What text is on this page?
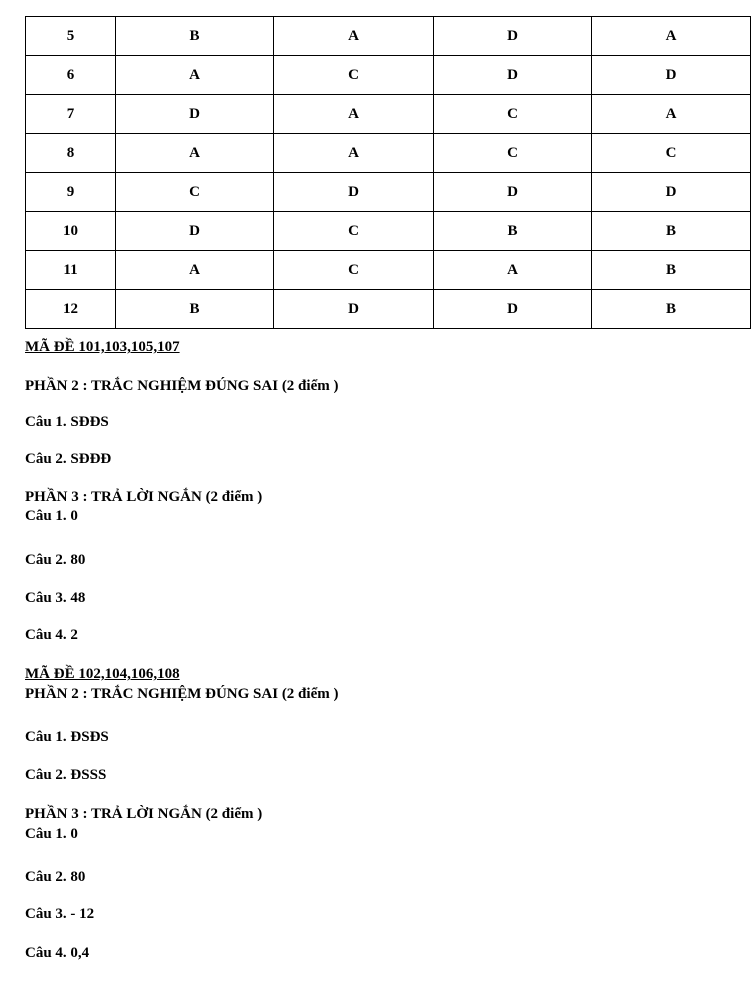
5	B	A	D	A
6	A	C	D	D
7	D	A	C	A
8	A	A	C	C
9	C	D	D	D
10	D	C	B	B
11	A	C	A	B
12	B	D	D	B
MÃ ĐỀ 101,103,105,107
PHẦN 2 : TRẮC NGHIỆM ĐÚNG SAI (2 điểm )
Câu 1. SĐĐS
Câu 2. SĐĐĐ
PHẦN 3 : TRẢ LỜI NGẮN (2 điểm )
Câu 1. 0
Câu 2. 80
Câu 3. 48
Câu 4. 2
MÃ ĐỀ 102,104,106,108
PHẦN 2 : TRẮC NGHIỆM ĐÚNG SAI (2 điểm )
Câu 1. ĐSĐS
Câu 2. ĐSSS
PHẦN 3 : TRẢ LỜI NGẮN (2 điểm )
Câu 1. 0
Câu 2. 80
Câu 3. - 12
Câu 4. 0,4
